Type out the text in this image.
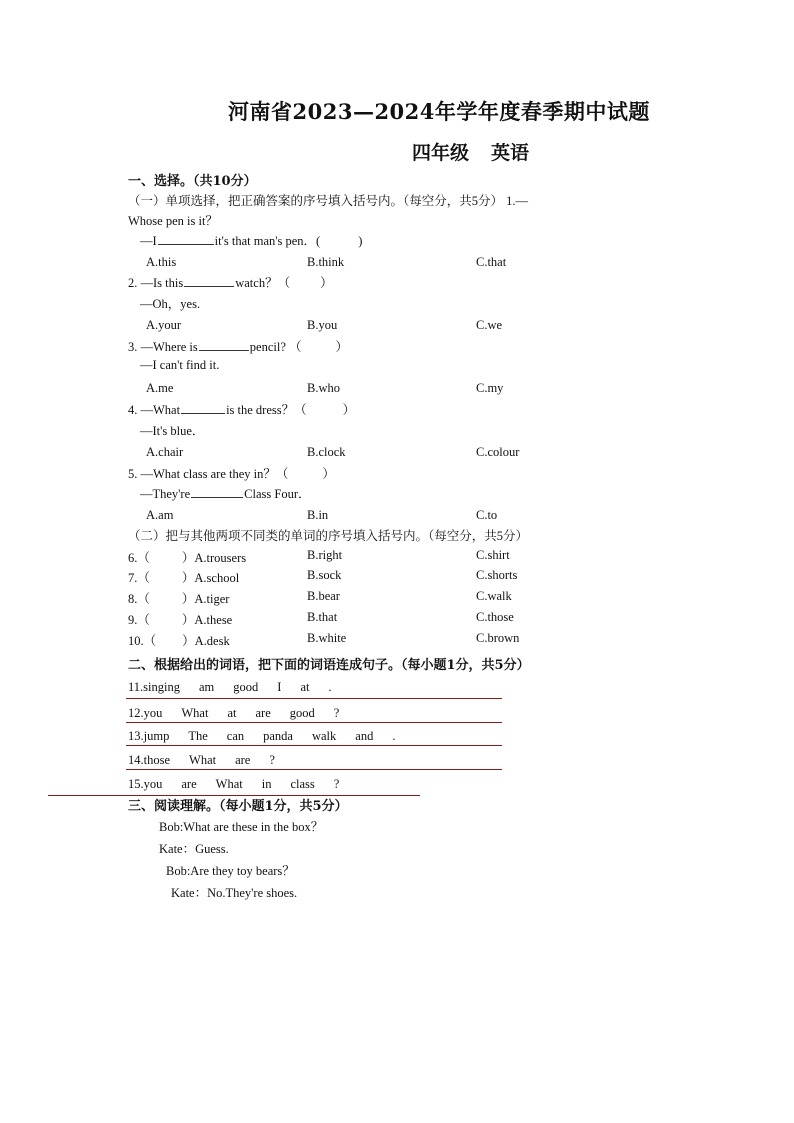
河南省2023—2024年学年度春季期中试题
四年级 英语
一、选择。（共10分）
（一）单项选择，把正确答案的序号填入括号内。（每空分，共5分） 1.—
Whose pen is it？
—I	it's that man's pen．(	)
A.this	B.think	C.that
2. —Is this	watch？（ ）
—Oh，yes.
A.your	B.you	C.we
3. —Where is	pencil? （	）
—I can't find it.
A.me	B.who	C.my
4. —What	is the dress？（	）
—It's blue．
A.chair	B.clock	C.colour
5. —What class are they in？（	）
—They're	Class Four．
A.am	B.in	C.to
（二）把与其他两项不同类的单词的序号填入括号内。（每空分，共5分）
6.（	）A.trousers	B.right	C.shirt
7.（	）A.school	B.sock	C.shorts
8.（	）A.tiger	B.bear	C.walk
9.（	）A.these	B.that	C.those
10.（ ）A.desk	B.white	C.brown
二、根据给出的词语，把下面的词语连成句子。（每小题1分，共5分）
11.singing am good I at .
12.you What at are good ?
13.jump The can panda walk and .
14.those What are ?
15.you are What in class ?
三、阅读理解。（每小题1分，共5分）
Bob:What are these in the box？
Kate：Guess.
Bob:Are they toy bears？
Kate：No.They're shoes.
